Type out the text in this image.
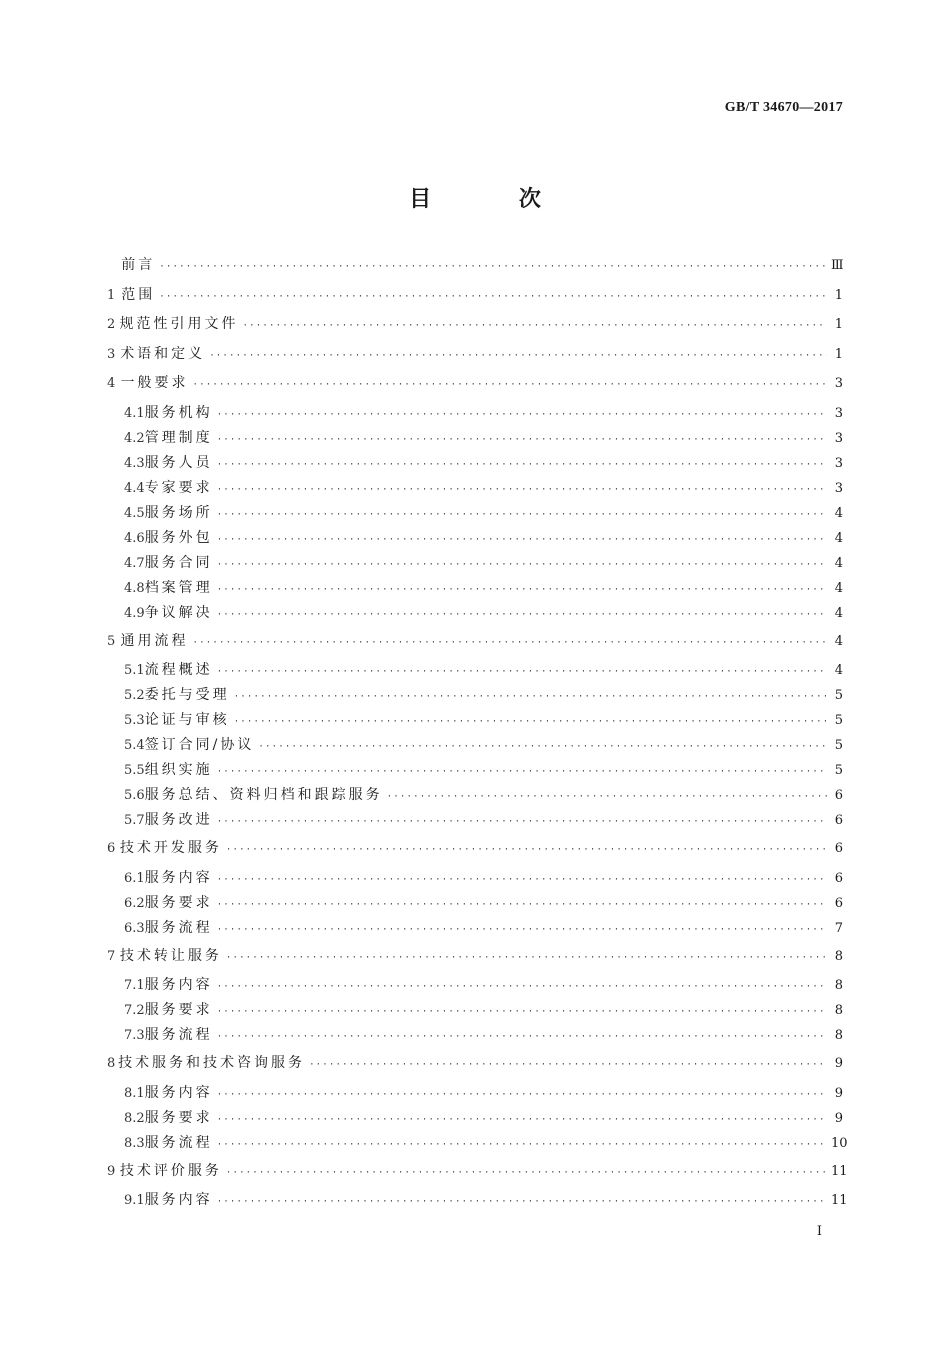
GB/T 34670—2017
目 次
前言 ·····	Ⅲ
1 范围 ·····	1
2 规范性引用文件 ·····	1
3 术语和定义 ·····	1
4 一般要求 ·····	3
4.1 服务机构 ·····	3
4.2 管理制度 ·····	3
4.3 服务人员 ·····	3
4.4 专家要求 ·····	3
4.5 服务场所 ·····	4
4.6 服务外包 ·····	4
4.7 服务合同 ·····	4
4.8 档案管理 ·····	4
4.9 争议解决 ·····	4
5 通用流程 ·····	4
5.1 流程概述 ·····	4
5.2 委托与受理 ·····	5
5.3 论证与审核 ·····	5
5.4 签订合同/协议 ·····	5
5.5 组织实施 ·····	5
5.6 服务总结、资料归档和跟踪服务 ·····	6
5.7 服务改进 ·····	6
6 技术开发服务 ·····	6
6.1 服务内容 ·····	6
6.2 服务要求 ·····	6
6.3 服务流程 ·····	7
7 技术转让服务 ·····	8
7.1 服务内容 ·····	8
7.2 服务要求 ·····	8
7.3 服务流程 ·····	8
8 技术服务和技术咨询服务 ·····	9
8.1 服务内容 ·····	9
8.2 服务要求 ·····	9
8.3 服务流程 ·····	10
9 技术评价服务 ·····	11
9.1 服务内容 ·····	11
I
